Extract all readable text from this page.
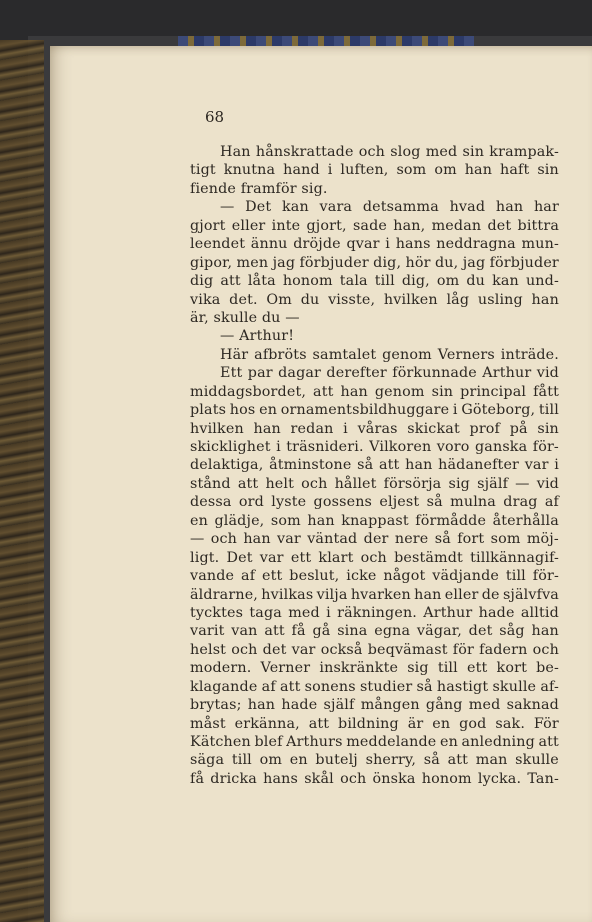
68
Han hånskrattade och slog med sin krampak-
tigt knutna hand i luften, som om han haft sin
fiende framför sig.
— Det kan vara detsamma hvad han har
gjort eller inte gjort, sade han, medan det bittra
leendet ännu dröjde qvar i hans neddragna mun-
gipor, men jag förbjuder dig, hör du, jag förbjuder
dig att låta honom tala till dig, om du kan und-
vika det. Om du visste, hvilken låg usling han
är, skulle du —
— Arthur!
Här afbröts samtalet genom Verners inträde.
Ett par dagar derefter förkunnade Arthur vid
middagsbordet, att han genom sin principal fått
plats hos en ornamentsbildhuggare i Göteborg, till
hvilken han redan i våras skickat prof på sin
skicklighet i träsnideri. Vilkoren voro ganska för-
delaktiga, åtminstone så att han hädanefter var i
stånd att helt och hållet försörja sig själf — vid
dessa ord lyste gossens eljest så mulna drag af
en glädje, som han knappast förmådde återhålla
— och han var väntad der nere så fort som möj-
ligt. Det var ett klart och bestämdt tillkännagif-
vande af ett beslut, icke något vädjande till för-
äldrarne, hvilkas vilja hvarken han eller de självfva
tycktes taga med i räkningen. Arthur hade alltid
varit van att få gå sina egna vägar, det såg han
helst och det var också beqvämast för fadern och
modern. Verner inskränkte sig till ett kort be-
klagande af att sonens studier så hastigt skulle af-
brytas; han hade själf mången gång med saknad
måst erkänna, att bildning är en god sak. För
Kätchen blef Arthurs meddelande en anledning att
säga till om en butelj sherry, så att man skulle
få dricka hans skål och önska honom lycka. Tan-
